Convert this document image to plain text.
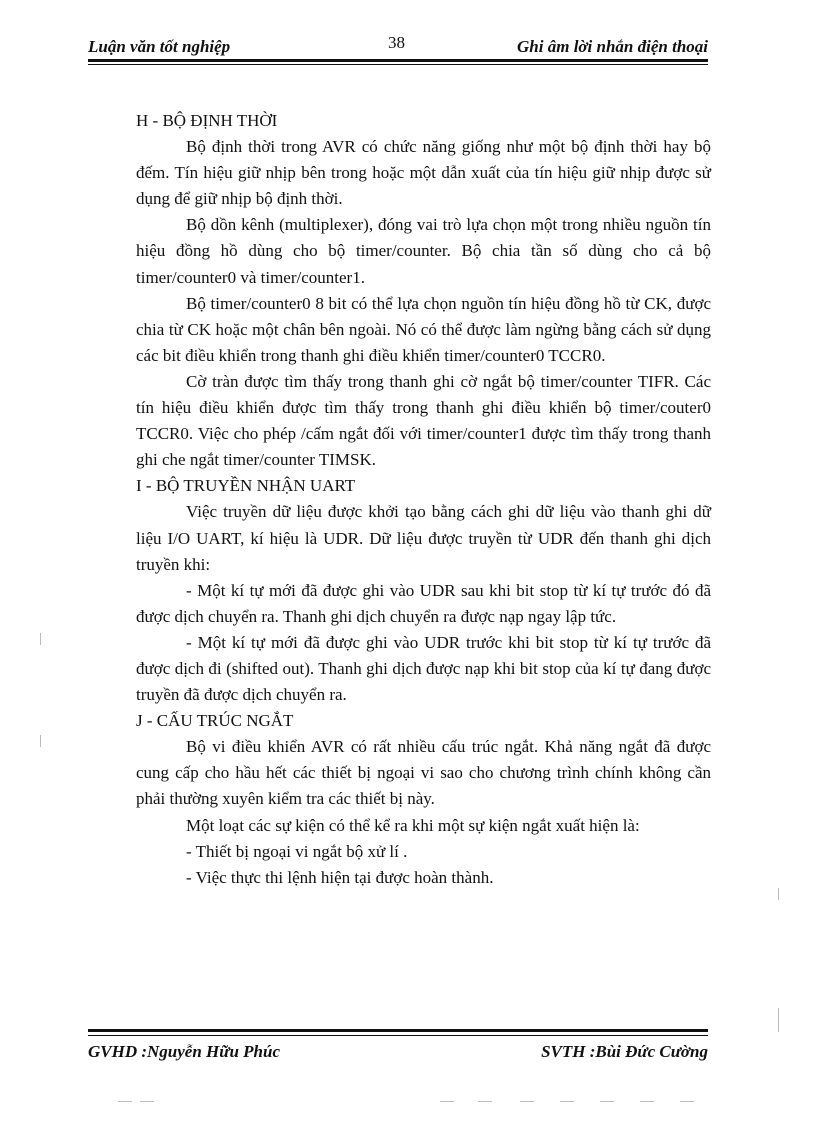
Luận văn tốt nghiệp	38	Ghi âm lời nhắn điện thoại

H - BỘ ĐỊNH THỜI

Bộ định thời trong AVR có chức năng giống như một bộ định thời hay bộ đếm. Tín hiệu giữ nhịp bên trong hoặc một dẫn xuất của tín hiệu giữ nhịp được sử dụng để giữ nhịp bộ định thời.

Bộ dồn kênh (multiplexer), đóng vai trò lựa chọn một trong nhiều nguồn tín hiệu đồng hồ dùng cho bộ timer/counter. Bộ chia tần số dùng cho cả bộ timer/counter0 và timer/counter1.

Bộ timer/counter0 8 bit có thể lựa chọn nguồn tín hiệu đồng hồ từ CK, được chia từ CK hoặc một chân bên ngoài. Nó có thể được làm ngừng bằng cách sử dụng các bit điều khiển trong thanh ghi điều khiển timer/counter0 TCCR0.

Cờ tràn được tìm thấy trong thanh ghi cờ ngắt bộ timer/counter TIFR. Các tín hiệu điều khiển được tìm thấy trong thanh ghi điều khiển bộ timer/couter0 TCCR0. Việc cho phép /cấm ngắt đối với timer/counter1 được tìm thấy trong thanh ghi che ngắt timer/counter TIMSK.

I - BỘ TRUYỀN NHẬN UART

Việc truyền dữ liệu được khởi tạo bằng cách ghi dữ liệu vào thanh ghi dữ liệu I/O UART, kí hiệu là UDR. Dữ liệu được truyền từ UDR đến thanh ghi dịch truyền khi:

- Một kí tự mới đã được ghi vào UDR sau khi bit stop từ kí tự trước đó đã được dịch chuyển ra. Thanh ghi dịch chuyển ra được nạp ngay lập tức.

- Một kí tự mới đã được ghi vào UDR trước khi bit stop từ kí tự trước đã được dịch đi (shifted out). Thanh ghi dịch được nạp khi bit stop của kí tự đang được truyền đã được dịch chuyển ra.

J - CẤU TRÚC NGẮT

Bộ vi điều khiển AVR có rất nhiều cấu trúc ngắt. Khả năng ngắt đã được cung cấp cho hầu hết các thiết bị ngoại vi sao cho chương trình chính không cần phải thường xuyên kiểm tra các thiết bị này.

Một loạt các sự kiện có thể kể ra khi một sự kiện ngắt xuất hiện là:

- Thiết bị ngoại vi ngắt bộ xử lí .

- Việc thực thi lệnh hiện tại được hoàn thành.

GVHD :Nguyễn Hữu Phúc	SVTH :Bùi Đức Cường
